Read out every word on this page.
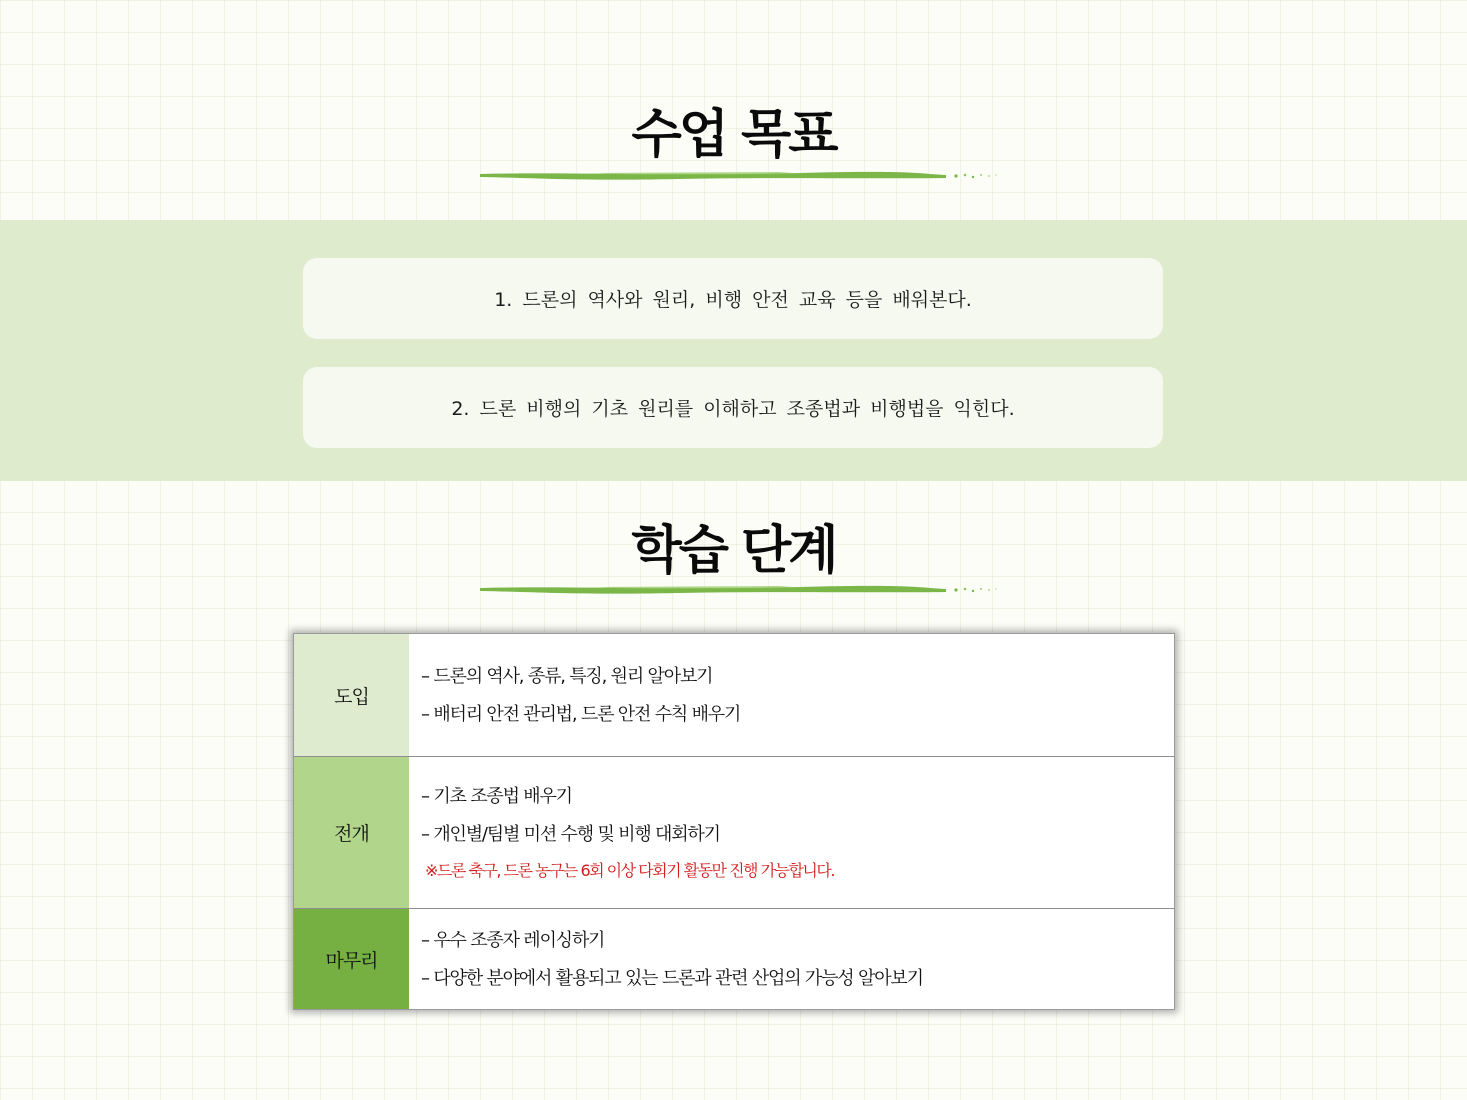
수업 목표
1. 드론의 역사와 원리, 비행 안전 교육 등을 배워본다.
2. 드론 비행의 기초 원리를 이해하고 조종법과 비행법을 익힌다.
학습 단계
도입
– 드론의 역사, 종류, 특징, 원리 알아보기
– 배터리 안전 관리법, 드론 안전 수칙 배우기
전개
– 기초 조종법 배우기
– 개인별/팀별 미션 수행 및 비행 대회하기
※드론 축구, 드론 농구는 6회 이상 다회기 활동만 진행 가능합니다.
마무리
– 우수 조종자 레이싱하기
– 다양한 분야에서 활용되고 있는 드론과 관련 산업의 가능성 알아보기
